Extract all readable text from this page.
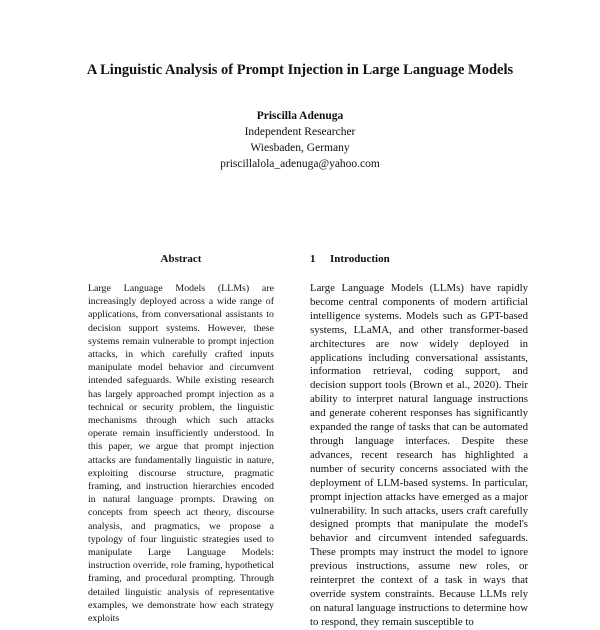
A Linguistic Analysis of Prompt Injection in Large Language Models
Priscilla Adenuga
Independent Researcher
Wiesbaden, Germany
priscillalola_adenuga@yahoo.com
Abstract

Large Language Models (LLMs) are increasingly deployed across a wide range of applications, from conversational assistants to decision support systems. However, these systems remain vulnerable to prompt injection attacks, in which carefully crafted inputs manipulate model behavior and circumvent intended safeguards. While existing research has largely approached prompt injection as a technical or security problem, the linguistic mechanisms through which such attacks operate remain insufficiently understood. In this paper, we argue that prompt injection attacks are fundamentally linguistic in nature, exploiting discourse structure, pragmatic framing, and instruction hierarchies encoded in natural language prompts. Drawing on concepts from speech act theory, discourse analysis, and pragmatics, we propose a typology of four linguistic strategies used to manipulate Large Language Models: instruction override, role framing, hypothetical framing, and procedural prompting. Through detailed linguistic analysis of representative examples, we demonstrate how each strategy exploits

1 Introduction

Large Language Models (LLMs) have rapidly become central components of modern artificial intelligence systems. Models such as GPT-based systems, LLaMA, and other transformer-based architectures are now widely deployed in applications including conversational assistants, information retrieval, coding support, and decision support tools (Brown et al., 2020). Their ability to interpret natural language instructions and generate coherent responses has significantly expanded the range of tasks that can be automated through language interfaces. Despite these advances, recent research has highlighted a number of security concerns associated with the deployment of LLM-based systems. In particular, prompt injection attacks have emerged as a major vulnerability. In such attacks, users craft carefully designed prompts that manipulate the model's behavior and circumvent intended safeguards. These prompts may instruct the model to ignore previous instructions, assume new roles, or reinterpret the context of a task in ways that override system constraints. Because LLMs rely on natural language instructions to determine how to respond, they remain susceptible to
